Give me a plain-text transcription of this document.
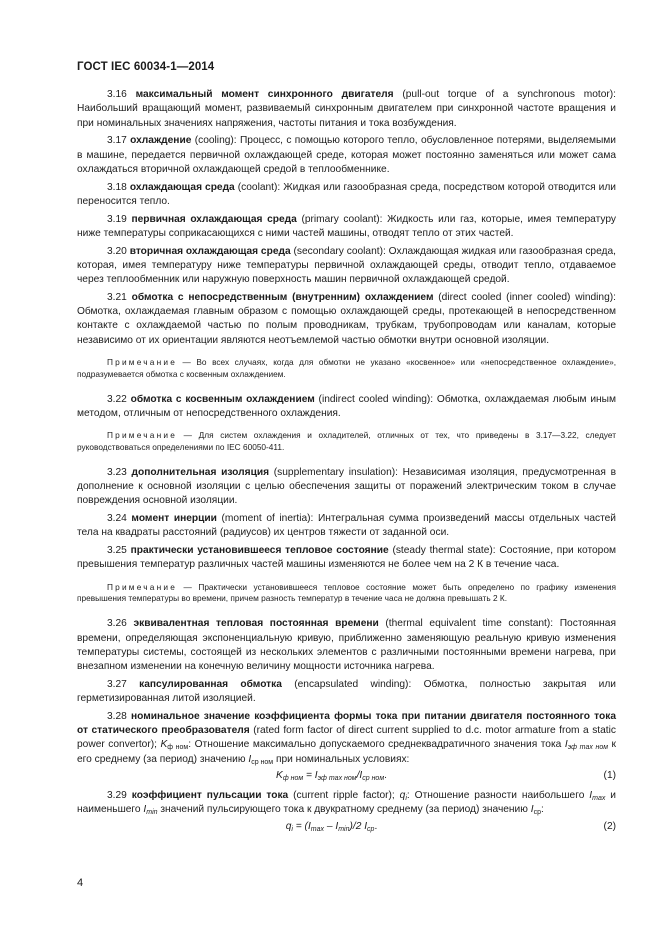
ГОСТ IEC 60034-1—2014

3.16 максимальный момент синхронного двигателя (pull-out torque of a synchronous motor): Наибольший вращающий момент, развиваемый синхронным двигателем при синхронной частоте вращения и при номинальных значениях напряжения, частоты питания и тока возбуждения.

3.17 охлаждение (cooling): Процесс, с помощью которого тепло, обусловленное потерями, выделяемыми в машине, передается первичной охлаждающей среде, которая может постоянно заменяться или может сама охлаждаться вторичной охлаждающей средой в теплообменнике.

3.18 охлаждающая среда (coolant): Жидкая или газообразная среда, посредством которой отводится или переносится тепло.

3.19 первичная охлаждающая среда (primary coolant): Жидкость или газ, которые, имея температуру ниже температуры соприкасающихся с ними частей машины, отводят тепло от этих частей.

3.20 вторичная охлаждающая среда (secondary coolant): Охлаждающая жидкая или газообразная среда, которая, имея температуру ниже температуры первичной охлаждающей среды, отводит тепло, отдаваемое через теплообменник или наружную поверхность машин первичной охлаждающей средой.

3.21 обмотка с непосредственным (внутренним) охлаждением (direct cooled (inner cooled) winding): Обмотка, охлаждаемая главным образом с помощью охлаждающей среды, протекающей в непосредственном контакте с охлаждаемой частью по полым проводникам, трубкам, трубопроводам или каналам, которые независимо от их ориентации являются неотъемлемой частью обмотки внутри основной изоляции.

Примечание — Во всех случаях, когда для обмотки не указано «косвенное» или «непосредственное охлаждение», подразумевается обмотка с косвенным охлаждением.

3.22 обмотка с косвенным охлаждением (indirect cooled winding): Обмотка, охлаждаемая любым иным методом, отличным от непосредственного охлаждения.

Примечание — Для систем охлаждения и охладителей, отличных от тех, что приведены в 3.17—3.22, следует руководствоваться определениями по IEC 60050-411.

3.23 дополнительная изоляция (supplementary insulation): Независимая изоляция, предусмотренная в дополнение к основной изоляции с целью обеспечения защиты от поражений электрическим током в случае повреждения основной изоляции.

3.24 момент инерции (moment of inertia): Интегральная сумма произведений массы отдельных частей тела на квадраты расстояний (радиусов) их центров тяжести от заданной оси.

3.25 практически установившееся тепловое состояние (steady thermal state): Состояние, при котором превышения температур различных частей машины изменяются не более чем на 2 К в течение часа.

Примечание — Практически установившееся тепловое состояние может быть определено по графику изменения превышения температуры во времени, причем разность температур в течение часа не должна превышать 2 К.

3.26 эквивалентная тепловая постоянная времени (thermal equivalent time constant): Постоянная времени, определяющая экспоненциальную кривую, приближенно заменяющую реальную кривую изменения температуры системы, состоящей из нескольких элементов с различными постоянными времени нагрева, при внезапном изменении на конечную величину мощности источника нагрева.

3.27 капсулированная обмотка (encapsulated winding): Обмотка, полностью закрытая или герметизированная литой изоляцией.

3.28 номинальное значение коэффициента формы тока при питании двигателя постоянного тока от статического преобразователя (rated form factor of direct current supplied to d.c. motor armature from a static power convertor); $K_{ф ном}$: Отношение максимально допускаемого среднеквадратичного значения тока $I_{эф max ном}$ к его среднему (за период) значению $I_{ср ном}$ при номинальных условиях:

$K_{ф ном} = I_{эф max ном}/I_{ср ном}$.	(1)

3.29 коэффициент пульсации тока (current ripple factor); $q_i$: Отношение разности наибольшего $I_{max}$ и наименьшего $I_{min}$ значений пульсирующего тока к двукратному среднему (за период) значению $I_{ср}$:

$q_i = (I_{max} - I_{min})/2$ $I_{ср}$.	(2)
4
